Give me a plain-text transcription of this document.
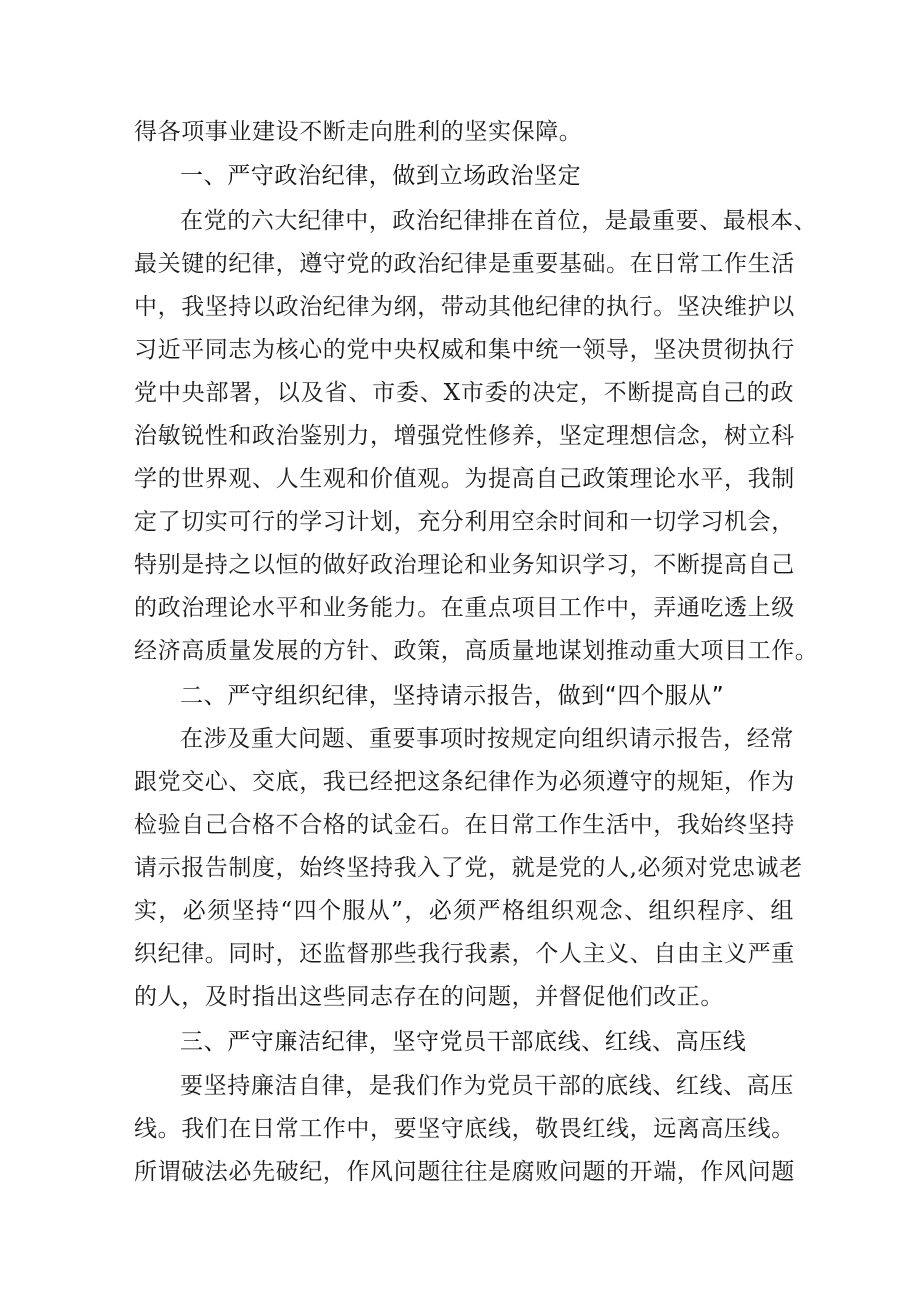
得各项事业建设不断走向胜利的坚实保障。
一、严守政治纪律，做到立场政治坚定
在党的六大纪律中，政治纪律排在首位，是最重要、最根本、
最关键的纪律，遵守党的政治纪律是重要基础。在日常工作生活
中，我坚持以政治纪律为纲，带动其他纪律的执行。坚决维护以
习近平同志为核心的党中央权威和集中统一领导，坚决贯彻执行
党中央部署，以及省、市委、X市委的决定，不断提高自己的政
治敏锐性和政治鉴别力，增强党性修养，坚定理想信念，树立科
学的世界观、人生观和价值观。为提高自己政策理论水平，我制
定了切实可行的学习计划，充分利用空余时间和一切学习机会，
特别是持之以恒的做好政治理论和业务知识学习，不断提高自己
的政治理论水平和业务能力。在重点项目工作中，弄通吃透上级
经济高质量发展的方针、政策，高质量地谋划推动重大项目工作。
二、严守组织纪律，坚持请示报告，做到“四个服从”
在涉及重大问题、重要事项时按规定向组织请示报告，经常
跟党交心、交底，我已经把这条纪律作为必须遵守的规矩，作为
检验自己合格不合格的试金石。在日常工作生活中，我始终坚持
请示报告制度，始终坚持我入了党，就是党的人,必须对党忠诚老
实，必须坚持“四个服从”，必须严格组织观念、组织程序、组
织纪律。同时，还监督那些我行我素，个人主义、自由主义严重
的人，及时指出这些同志存在的问题，并督促他们改正。
三、严守廉洁纪律，坚守党员干部底线、红线、高压线
要坚持廉洁自律，是我们作为党员干部的底线、红线、高压
线。我们在日常工作中，要坚守底线，敬畏红线，远离高压线。
所谓破法必先破纪，作风问题往往是腐败问题的开端，作风问题
